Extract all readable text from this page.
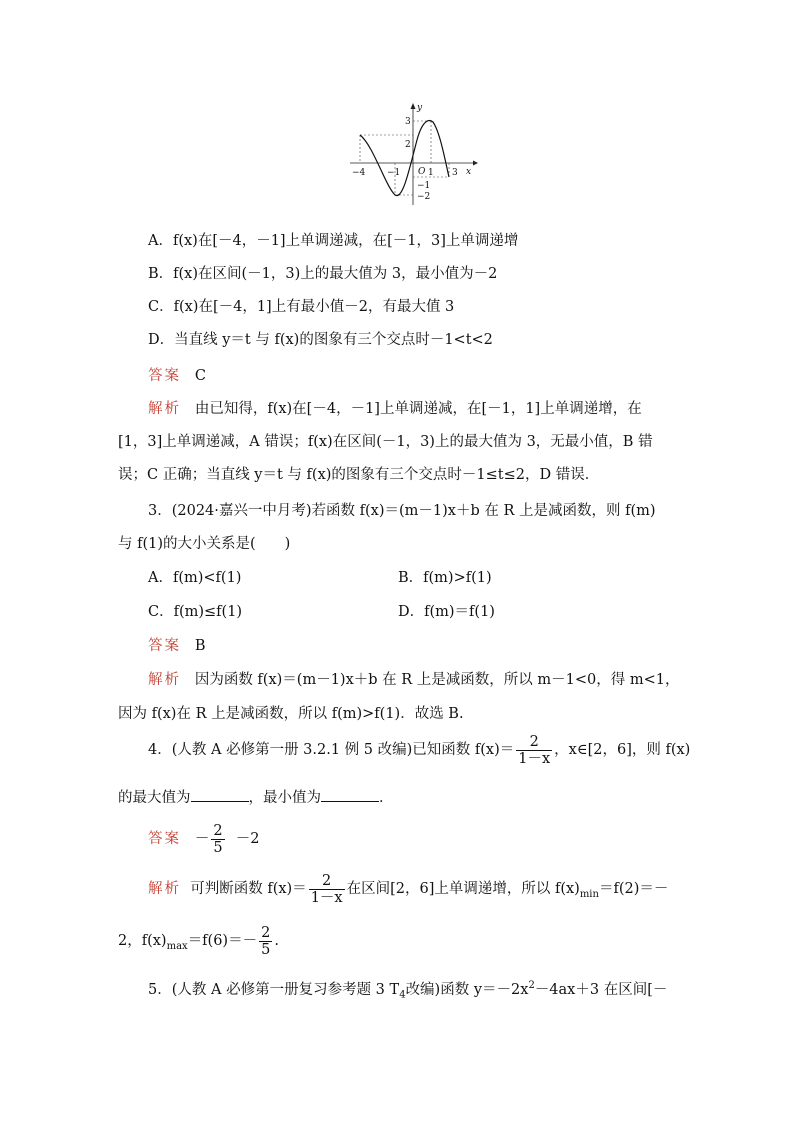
y
x
O
−4 −1	1 3
3
2
−1
−2
A．f(x)在[－4，－1]上单调递减，在[－1，3]上单调递增
B．f(x)在区间(－1，3)上的最大值为 3，最小值为－2
C．f(x)在[－4，1]上有最小值－2，有最大值 3
D．当直线 y＝t 与 f(x)的图象有三个交点时－1<t<2
答案 C
解析 由已知得，f(x)在[－4，－1]上单调递减，在[－1，1]上单调递增，在
[1，3]上单调递减，A 错误；f(x)在区间(－1，3)上的最大值为 3，无最小值，B 错
误；C 正确；当直线 y＝t 与 f(x)的图象有三个交点时－1≤t≤2，D 错误．
3．(2024·嘉兴一中月考)若函数 f(x)＝(m－1)x＋b 在 R 上是减函数，则 f(m)
与 f(1)的大小关系是(　　)
A．f(m)<f(1)	B．f(m)>f(1)
C．f(m)≤f(1)	D．f(m)＝f(1)
答案 B
解析 因为函数 f(x)＝(m－1)x＋b 在 R 上是减函数，所以 m－1<0，得 m<1，
因为 f(x)在 R 上是减函数，所以 f(m)>f(1)．故选 B.
4．(人教 A 必修第一册 3.2.1 例 5 改编)已知函数 $f(x)= \frac{2}{1-x}$ ，x∈[2，6]，则 f(x)
的最大值为	，最小值为	．
答案 － $\frac{2}{5} -2$
解析 可判断函数 $f(x)= \frac{2}{1-x}$ 在区间[2，6]上单调递增，所以 $f(x)_{min}=f(2)=-$
2，$f(x)_{max}=f(6)=- \frac{2}{5}$ .
5．(人教 A 必修第一册复习参考题 3 $T_4$改编)函数 $y=-2x^2-4ax+3$ 在区间[－
